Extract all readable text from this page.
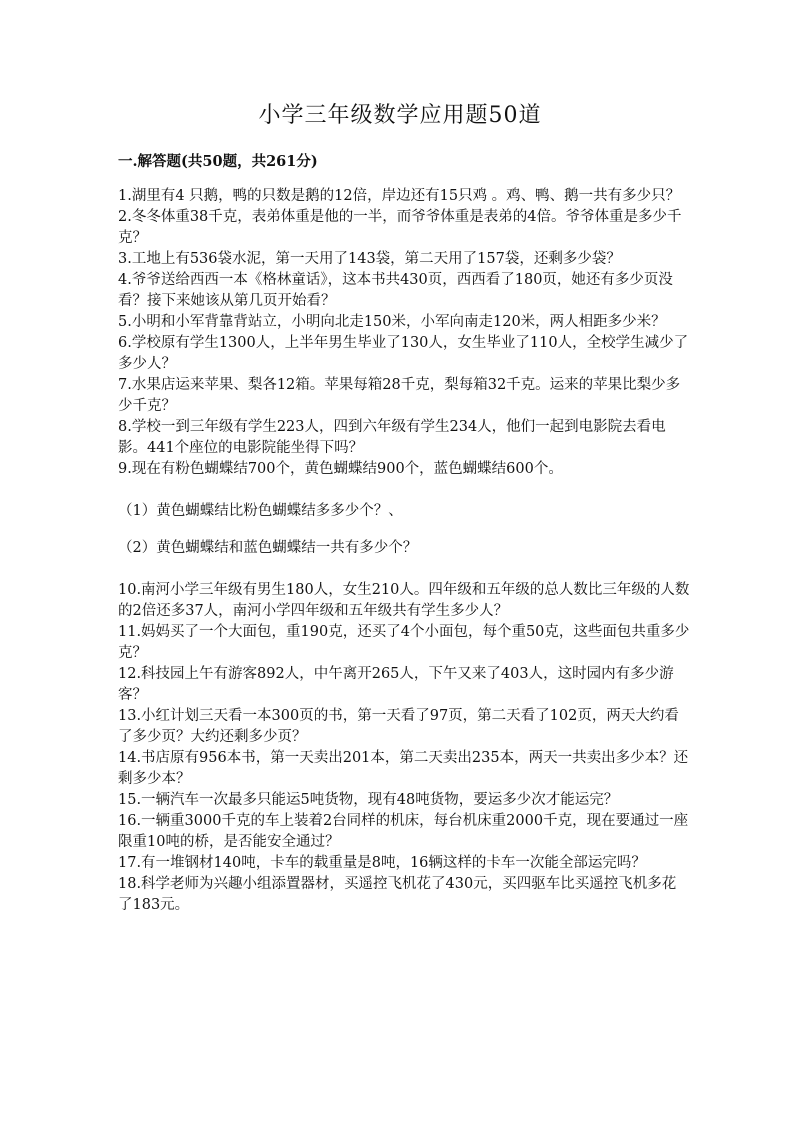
小学三年级数学应用题50道
一.解答题(共50题，共261分)

1.湖里有4 只鹅，鸭的只数是鹅的12倍，岸边还有15只鸡 。鸡、鸭、鹅一共有多少只？

2.冬冬体重38千克，表弟体重是他的一半，而爷爷体重是表弟的4倍。爷爷体重是多少千克？

3.工地上有536袋水泥，第一天用了143袋，第二天用了157袋，还剩多少袋？

4.爷爷送给西西一本《格林童话》，这本书共430页，西西看了180页，她还有多少页没看？接下来她该从第几页开始看？

5.小明和小军背靠背站立，小明向北走150米，小军向南走120米，两人相距多少米？

6.学校原有学生1300人，上半年男生毕业了130人，女生毕业了110人，全校学生减少了多少人？

7.水果店运来苹果、梨各12箱。苹果每箱28千克，梨每箱32千克。运来的苹果比梨少多少千克？

8.学校一到三年级有学生223人，四到六年级有学生234人，他们一起到电影院去看电影。441个座位的电影院能坐得下吗？

9.现在有粉色蝴蝶结700个，黄色蝴蝶结900个，蓝色蝴蝶结600个。

（1）黄色蝴蝶结比粉色蝴蝶结多多少个？、

（2）黄色蝴蝶结和蓝色蝴蝶结一共有多少个？

10.南河小学三年级有男生180人，女生210人。四年级和五年级的总人数比三年级的人数的2倍还多37人，南河小学四年级和五年级共有学生多少人？

11.妈妈买了一个大面包，重190克，还买了4个小面包，每个重50克，这些面包共重多少克？

12.科技园上午有游客892人，中午离开265人，下午又来了403人，这时园内有多少游客？

13.小红计划三天看一本300页的书，第一天看了97页，第二天看了102页，两天大约看了多少页？大约还剩多少页？

14.书店原有956本书，第一天卖出201本，第二天卖出235本，两天一共卖出多少本？还剩多少本？

15.一辆汽车一次最多只能运5吨货物，现有48吨货物，要运多少次才能运完？

16.一辆重3000千克的车上装着2台同样的机床，每台机床重2000千克，现在要通过一座限重10吨的桥，是否能安全通过？

17.有一堆钢材140吨，卡车的载重量是8吨，16辆这样的卡车一次能全部运完吗？

18.科学老师为兴趣小组添置器材，买遥控飞机花了430元，买四驱车比买遥控飞机多花了183元。
